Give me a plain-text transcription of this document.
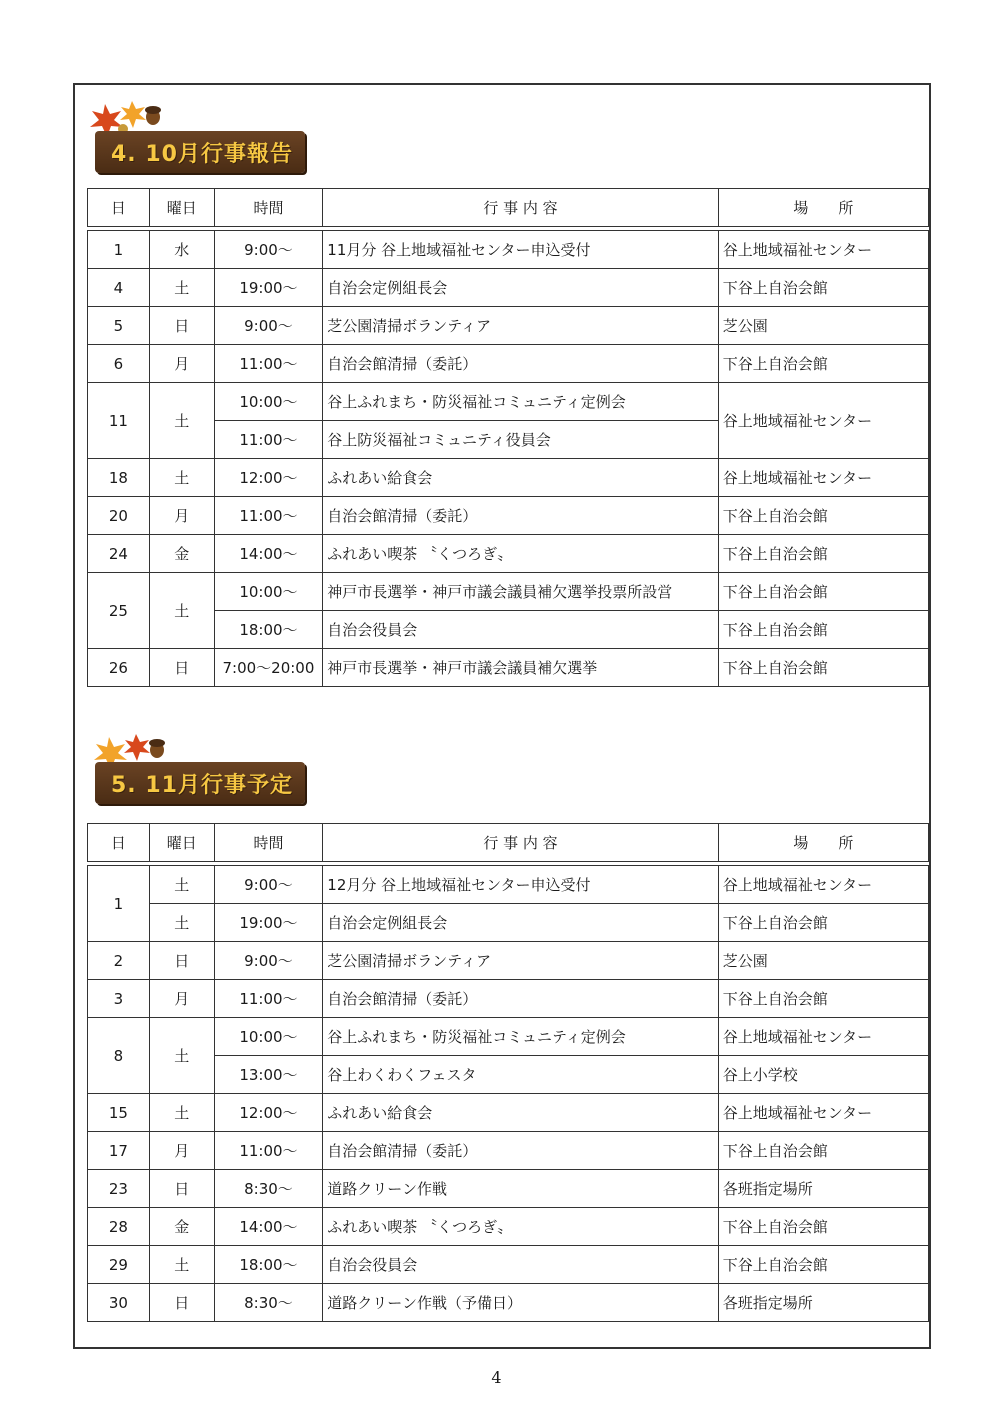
4. 10月行事報告
日	曜日	時間	行 事 内 容	場　　所

1	水	9:00～	11月分 谷上地域福祉センター申込受付	谷上地域福祉センター
4	土	19:00～	自治会定例組長会	下谷上自治会館
5	日	9:00～	芝公園清掃ボランティア	芝公園
6	月	11:00～	自治会館清掃（委託）	下谷上自治会館
11	土	10:00～	谷上ふれまち・防災福祉コミュニティ定例会	谷上地域福祉センター
		11:00～	谷上防災福祉コミュニティ役員会	
18	土	12:00～	ふれあい給食会	谷上地域福祉センター
20	月	11:00～	自治会館清掃（委託）	下谷上自治会館
24	金	14:00～	ふれあい喫茶 〝くつろぎ〟	下谷上自治会館
25	土	10:00～	神戸市長選挙・神戸市議会議員補欠選挙投票所設営	下谷上自治会館
		18:00～	自治会役員会	下谷上自治会館
26	日	7:00～20:00	神戸市長選挙・神戸市議会議員補欠選挙	下谷上自治会館
5. 11月行事予定
日	曜日	時間	行 事 内 容	場　　所

1	土	9:00～	12月分 谷上地域福祉センター申込受付	谷上地域福祉センター
	土	19:00～	自治会定例組長会	下谷上自治会館
2	日	9:00～	芝公園清掃ボランティア	芝公園
3	月	11:00～	自治会館清掃（委託）	下谷上自治会館
8	土	10:00～	谷上ふれまち・防災福祉コミュニティ定例会	谷上地域福祉センター
		13:00～	谷上わくわくフェスタ	谷上小学校
15	土	12:00～	ふれあい給食会	谷上地域福祉センター
17	月	11:00～	自治会館清掃（委託）	下谷上自治会館
23	日	8:30～	道路クリーン作戦	各班指定場所
28	金	14:00～	ふれあい喫茶 〝くつろぎ〟	下谷上自治会館
29	土	18:00～	自治会役員会	下谷上自治会館
30	日	8:30～	道路クリーン作戦（予備日）	各班指定場所
4
